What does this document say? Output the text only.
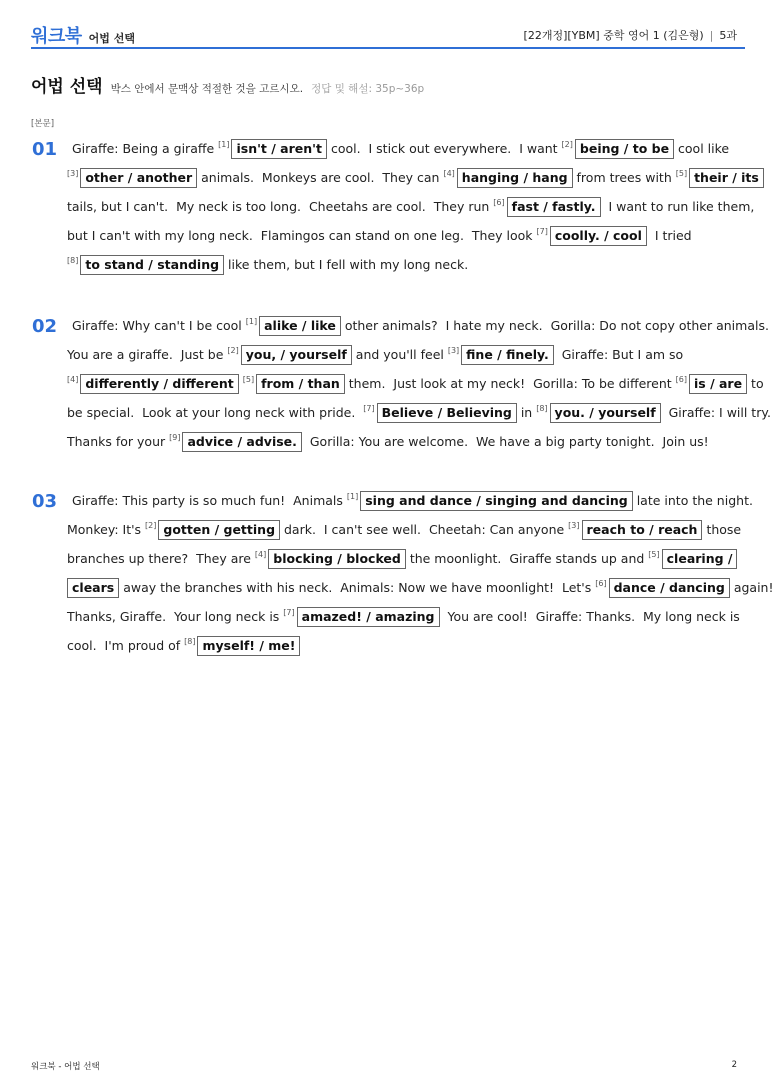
워크북 어법 선택	[22개정][YBM] 중학 영어 1 (김은형) | 5과
어법 선택 박스 안에서 문맥상 적절한 것을 고르시오. 정답 및 해설: 35p~36p
[본문]
01 Giraffe: Being a giraffe [1] isn't / aren't cool.  I stick out everywhere.  I want [2] being / to be cool like
[3] other / another animals.  Monkeys are cool.  They can [4] hanging / hang from trees with [5] their / its
tails, but I can't.  My neck is too long.  Cheetahs are cool.  They run [6] fast / fastly.  I want to run like them,
but I can't with my long neck.  Flamingos can stand on one leg.  They look [7] coolly. / cool  I tried
[8] to stand / standing like them, but I fell with my long neck.
02 Giraffe: Why can't I be cool [1] alike / like other animals?  I hate my neck.  Gorilla: Do not copy other animals.
You are a giraffe.  Just be [2] you, / yourself and you'll feel [3] fine / finely.  Giraffe: But I am so
[4] differently / different [5] from / than them.  Just look at my neck!  Gorilla: To be different [6] is / are to
be special.  Look at your long neck with pride.  [7] Believe / Believing in [8] you. / yourself  Giraffe: I will try.
Thanks for your [9] advice / advise.  Gorilla: You are welcome.  We have a big party tonight.  Join us!
03 Giraffe: This party is so much fun!  Animals [1] sing and dance / singing and dancing late into the night.
Monkey: It's [2] gotten / getting dark.  I can't see well.  Cheetah: Can anyone [3] reach to / reach those
branches up there?  They are [4] blocking / blocked the moonlight.  Giraffe stands up and [5] clearing /
clears away the branches with his neck.  Animals: Now we have moonlight!  Let's [6] dance / dancing again!
Thanks, Giraffe.  Your long neck is [7] amazed! / amazing  You are cool!  Giraffe: Thanks.  My long neck is
cool.  I'm proud of [8] myself! / me!
워크북 - 어법 선택	2
